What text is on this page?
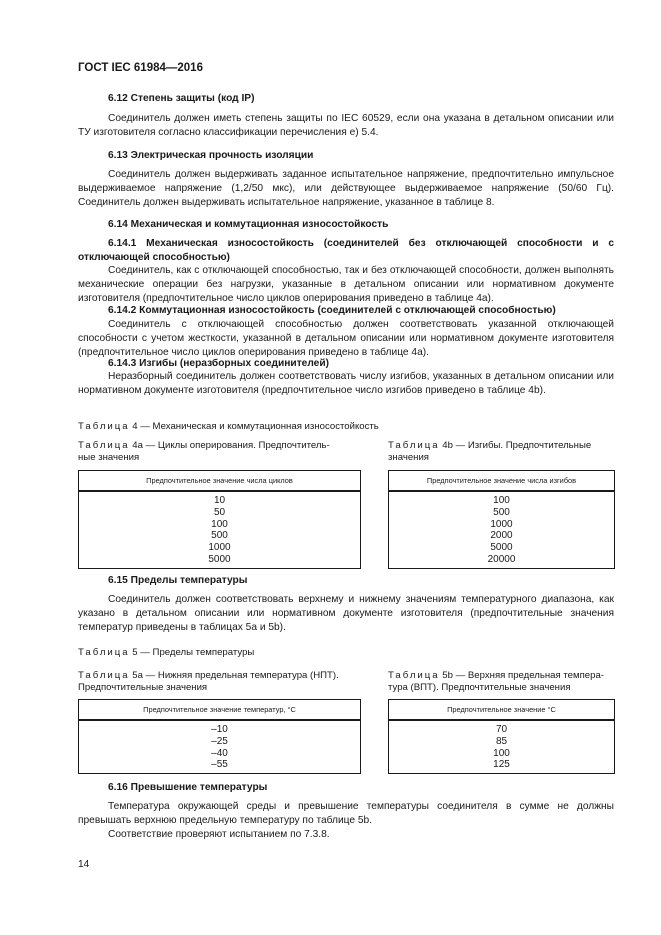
ГОСТ IEC 61984—2016

6.12 Степень защиты (код IP)

Соединитель должен иметь степень защиты по IEC 60529, если она указана в детальном описании или ТУ изготовителя согласно классификации перечисления е) 5.4.

6.13 Электрическая прочность изоляции

Соединитель должен выдерживать заданное испытательное напряжение, предпочтительно импульсное выдерживаемое напряжение (1,2/50 мкс), или действующее выдерживаемое напряжение (50/60 Гц). Соединитель должен выдерживать испытательное напряжение, указанное в таблице 8.

6.14 Механическая и коммутационная износостойкость

6.14.1 Механическая износостойкость (соединителей без отключающей способности и с отключающей способностью)

Соединитель, как с отключающей способностью, так и без отключающей способности, должен выполнять механические операции без нагрузки, указанные в детальном описании или нормативном документе изготовителя (предпочтительное число циклов оперирования приведено в таблице 4а).

6.14.2 Коммутационная износостойкость (соединителей с отключающей способностью)

Соединитель с отключающей способностью должен соответствовать указанной отключающей способности с учетом жесткости, указанной в детальном описании или нормативном документе изготовителя (предпочтительное число циклов оперирования приведено в таблице 4а).

6.14.3 Изгибы (неразборных соединителей)

Неразборный соединитель должен соответствовать числу изгибов, указанных в детальном описании или нормативном документе изготовителя (предпочтительное число изгибов приведено в таблице 4b).

Таблица 4 — Механическая и коммутационная износостойкость
Таблица 4а — Циклы оперирования. Предпочтитель-
ные значения
Таблица 4b — Изгибы. Предпочтительные
значения
Предпочтительное значение числа циклов
10
50
100
500
1000
5000
Предпочтительное значение числа изгибов
100
500
1000
2000
5000
20000

6.15 Пределы температуры

Соединитель должен соответствовать верхнему и нижнему значениям температурного диапазона, как указано в детальном описании или нормативном документе изготовителя (предпочтительные значения температур приведены в таблицах 5а и 5b).

Таблица 5 — Пределы температуры
Таблица 5а — Нижняя предельная температура (НПТ).
Предпочтительные значения
Таблица 5b — Верхняя предельная темпера-
тура (ВПТ). Предпочтительные значения
Предпочтительное значение температур, °С
–10
–25
–40
–55
Предпочтительное значение °С
70
85
100
125

6.16 Превышение температуры

Температура окружающей среды и превышение температуры соединителя в сумме не должны превышать верхнюю предельную температуру по таблице 5b.

Соответствие проверяют испытанием по 7.3.8.

14
